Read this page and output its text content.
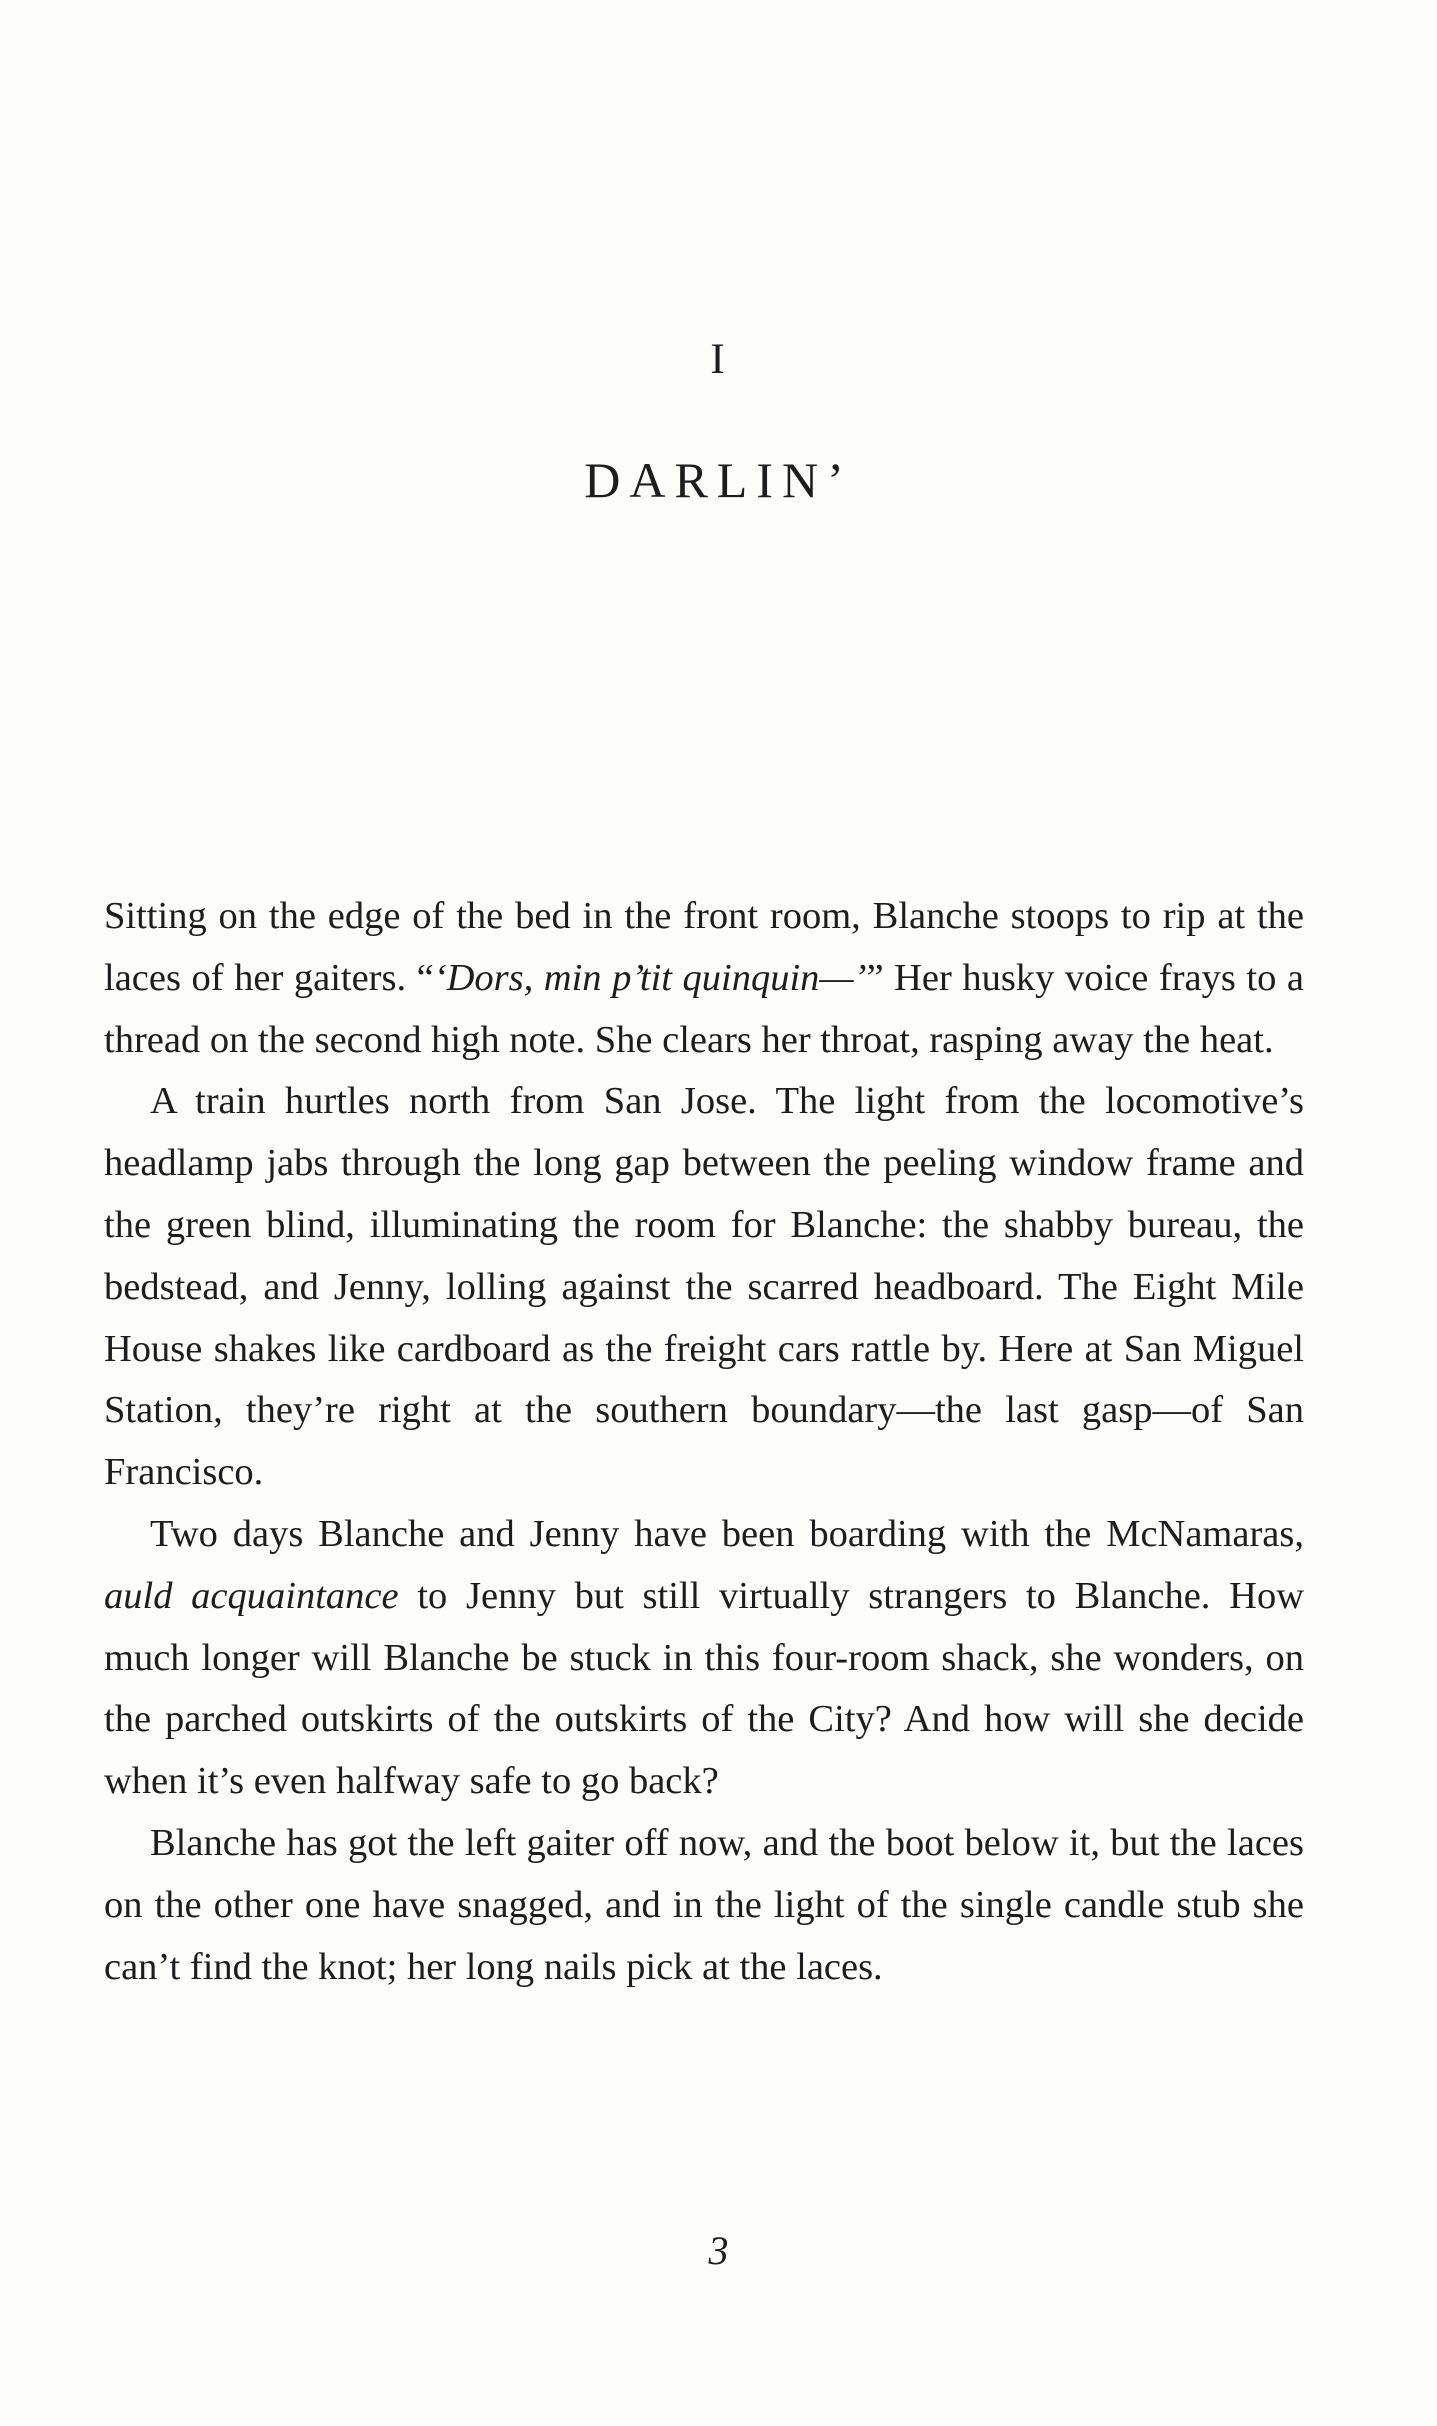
I
DARLIN’

Sitting on the edge of the bed in the front room, Blanche stoops to rip at the laces of her gaiters. “‘Dors, min p’tit quinquin—’” Her husky voice frays to a thread on the second high note. She clears her throat, rasping away the heat.

A train hurtles north from San Jose. The light from the locomotive’s headlamp jabs through the long gap between the peeling window frame and the green blind, illuminating the room for Blanche: the shabby bureau, the bedstead, and Jenny, lolling against the scarred headboard. The Eight Mile House shakes like cardboard as the freight cars rattle by. Here at San Miguel Station, they’re right at the southern boundary—the last gasp—of San Francisco.

Two days Blanche and Jenny have been boarding with the McNamaras, auld acquaintance to Jenny but still virtually strangers to Blanche. How much longer will Blanche be stuck in this four-room shack, she wonders, on the parched outskirts of the outskirts of the City? And how will she decide when it’s even halfway safe to go back?

Blanche has got the left gaiter off now, and the boot below it, but the laces on the other one have snagged, and in the light of the single candle stub she can’t find the knot; her long nails pick at the laces.

3
